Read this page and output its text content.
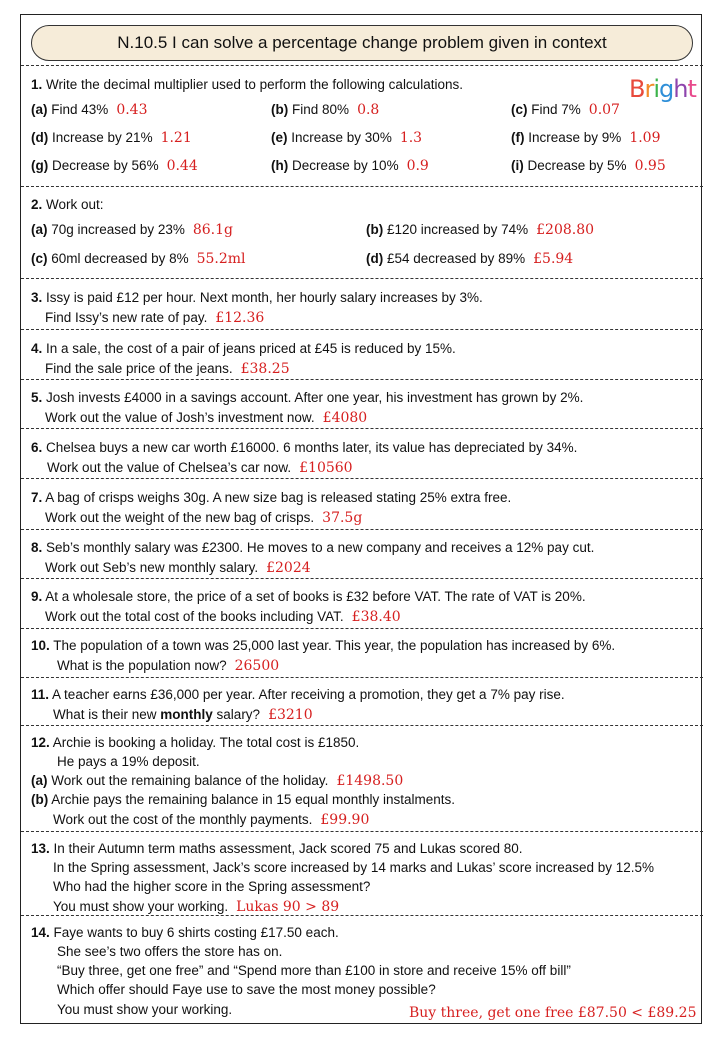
N.10.5 I can solve a percentage change problem given in context
Bright
1. Write the decimal multiplier used to perform the following calculations.
(a) Find 43% 0.43	(b) Find 80% 0.8	(c) Find 7% 0.07
(d) Increase by 21% 1.21	(e) Increase by 30% 1.3	(f) Increase by 9% 1.09
(g) Decrease by 56% 0.44	(h) Decrease by 10% 0.9	(i) Decrease by 5% 0.95
2. Work out:
(a) 70g increased by 23% 86.1g	(b) £120 increased by 74% £208.80
(c) 60ml decreased by 8% 55.2ml	(d) £54 decreased by 89% £5.94
3. Issy is paid £12 per hour. Next month, her hourly salary increases by 3%.
Find Issy’s new rate of pay. £12.36
4. In a sale, the cost of a pair of jeans priced at £45 is reduced by 15%.
Find the sale price of the jeans. £38.25
5. Josh invests £4000 in a savings account. After one year, his investment has grown by 2%.
Work out the value of Josh’s investment now. £4080
6. Chelsea buys a new car worth £16000. 6 months later, its value has depreciated by 34%.
Work out the value of Chelsea’s car now. £10560
7. A bag of crisps weighs 30g. A new size bag is released stating 25% extra free.
Work out the weight of the new bag of crisps. 37.5g
8. Seb’s monthly salary was £2300. He moves to a new company and receives a 12% pay cut.
Work out Seb’s new monthly salary. £2024
9. At a wholesale store, the price of a set of books is £32 before VAT. The rate of VAT is 20%.
Work out the total cost of the books including VAT. £38.40
10. The population of a town was 25,000 last year. This year, the population has increased by 6%.
What is the population now? 26500
11. A teacher earns £36,000 per year. After receiving a promotion, they get a 7% pay rise.
What is their new monthly salary? £3210
12. Archie is booking a holiday. The total cost is £1850.
He pays a 19% deposit.
(a) Work out the remaining balance of the holiday. £1498.50
(b) Archie pays the remaining balance in 15 equal monthly instalments.
Work out the cost of the monthly payments. £99.90
13. In their Autumn term maths assessment, Jack scored 75 and Lukas scored 80.
In the Spring assessment, Jack’s score increased by 14 marks and Lukas’ score increased by 12.5%
Who had the higher score in the Spring assessment?
You must show your working. Lukas 90 > 89
14. Faye wants to buy 6 shirts costing £17.50 each.
She see’s two offers the store has on.
“Buy three, get one free” and “Spend more than £100 in store and receive 15% off bill”
Which offer should Faye use to save the most money possible?
You must show your working.	Buy three, get one free £87.50 < £89.25
